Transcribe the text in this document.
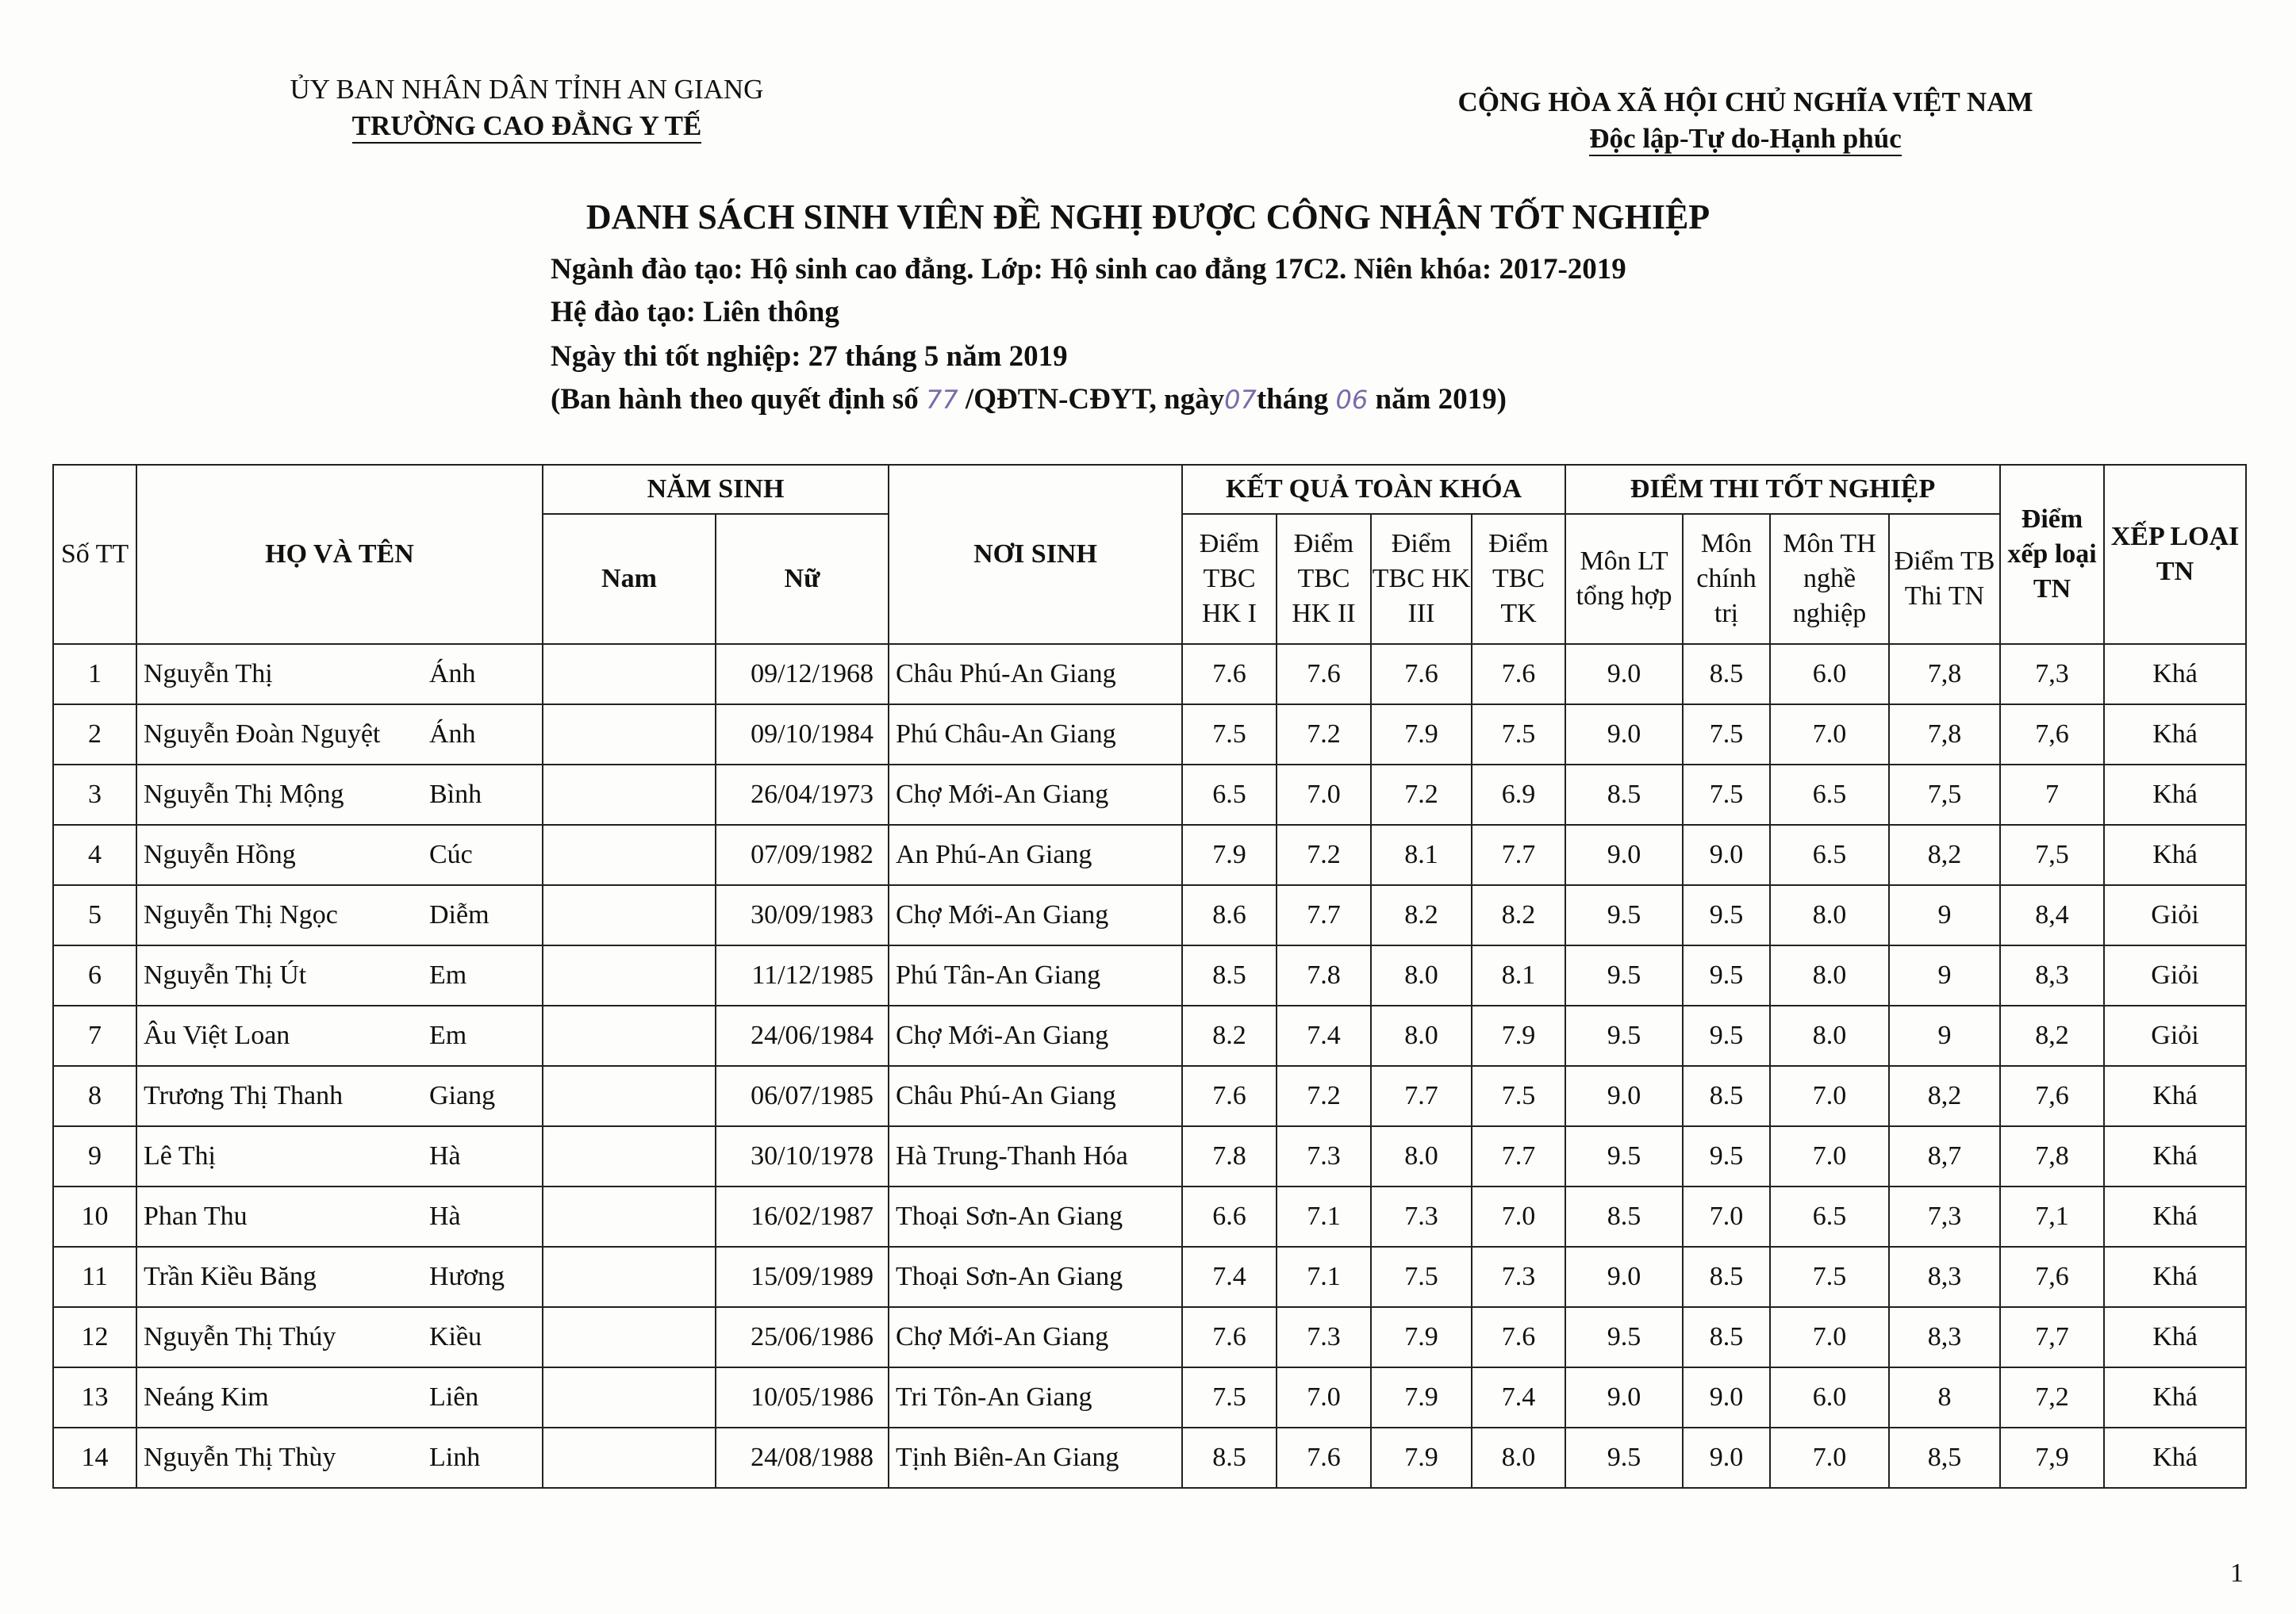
ỦY BAN NHÂN DÂN TỈNH AN GIANG
TRƯỜNG CAO ĐẲNG Y TẾ
CỘNG HÒA XÃ HỘI CHỦ NGHĨA VIỆT NAM
Độc lập-Tự do-Hạnh phúc
DANH SÁCH SINH VIÊN ĐỀ NGHỊ ĐƯỢC CÔNG NHẬN TỐT NGHIỆP
Ngành đào tạo: Hộ sinh cao đẳng. Lớp: Hộ sinh cao đẳng 17C2. Niên khóa: 2017-2019
Hệ đào tạo: Liên thông
Ngày thi tốt nghiệp: 27 tháng 5 năm 2019
(Ban hành theo quyết định số 77 /QĐTN-CĐYT, ngày07tháng 06 năm 2019)
Số TT	HỌ VÀ TÊN	NĂM SINH		NƠI SINH	KẾT QUẢ TOÀN KHÓA				ĐIỂM THI TỐT NGHIỆP				Điểm xếp loại TN	XẾP LOẠI TN
		Nam	Nữ		Điểm TBC HK I	Điểm TBC HK II	Điểm TBC HK III	Điểm TBC TK	Môn LT tổng hợp	Môn chính trị	Môn TH nghề nghiệp	Điểm TB Thi TN		
1	Nguyễn Thị Ánh		09/12/1968	Châu Phú-An Giang	7.6	7.6	7.6	7.6	9.0	8.5	6.0	7,8	7,3	Khá
2	Nguyễn Đoàn Nguyệt Ánh		09/10/1984	Phú Châu-An Giang	7.5	7.2	7.9	7.5	9.0	7.5	7.0	7,8	7,6	Khá
3	Nguyễn Thị Mộng Bình		26/04/1973	Chợ Mới-An Giang	6.5	7.0	7.2	6.9	8.5	7.5	6.5	7,5	7	Khá
4	Nguyễn Hồng Cúc		07/09/1982	An Phú-An Giang	7.9	7.2	8.1	7.7	9.0	9.0	6.5	8,2	7,5	Khá
5	Nguyễn Thị Ngọc Diễm		30/09/1983	Chợ Mới-An Giang	8.6	7.7	8.2	8.2	9.5	9.5	8.0	9	8,4	Giỏi
6	Nguyễn Thị Út Em		11/12/1985	Phú Tân-An Giang	8.5	7.8	8.0	8.1	9.5	9.5	8.0	9	8,3	Giỏi
7	Âu Việt Loan Em		24/06/1984	Chợ Mới-An Giang	8.2	7.4	8.0	7.9	9.5	9.5	8.0	9	8,2	Giỏi
8	Trương Thị Thanh Giang		06/07/1985	Châu Phú-An Giang	7.6	7.2	7.7	7.5	9.0	8.5	7.0	8,2	7,6	Khá
9	Lê Thị Hà		30/10/1978	Hà Trung-Thanh Hóa	7.8	7.3	8.0	7.7	9.5	9.5	7.0	8,7	7,8	Khá
10	Phan Thu Hà		16/02/1987	Thoại Sơn-An Giang	6.6	7.1	7.3	7.0	8.5	7.0	6.5	7,3	7,1	Khá
11	Trần Kiều Băng Hương		15/09/1989	Thoại Sơn-An Giang	7.4	7.1	7.5	7.3	9.0	8.5	7.5	8,3	7,6	Khá
12	Nguyễn Thị Thúy Kiều		25/06/1986	Chợ Mới-An Giang	7.6	7.3	7.9	7.6	9.5	8.5	7.0	8,3	7,7	Khá
13	Neáng Kim Liên		10/05/1986	Tri Tôn-An Giang	7.5	7.0	7.9	7.4	9.0	9.0	6.0	8	7,2	Khá
14	Nguyễn Thị Thùy Linh		24/08/1988	Tịnh Biên-An Giang	8.5	7.6	7.9	8.0	9.5	9.0	7.0	8,5	7,9	Khá
1
